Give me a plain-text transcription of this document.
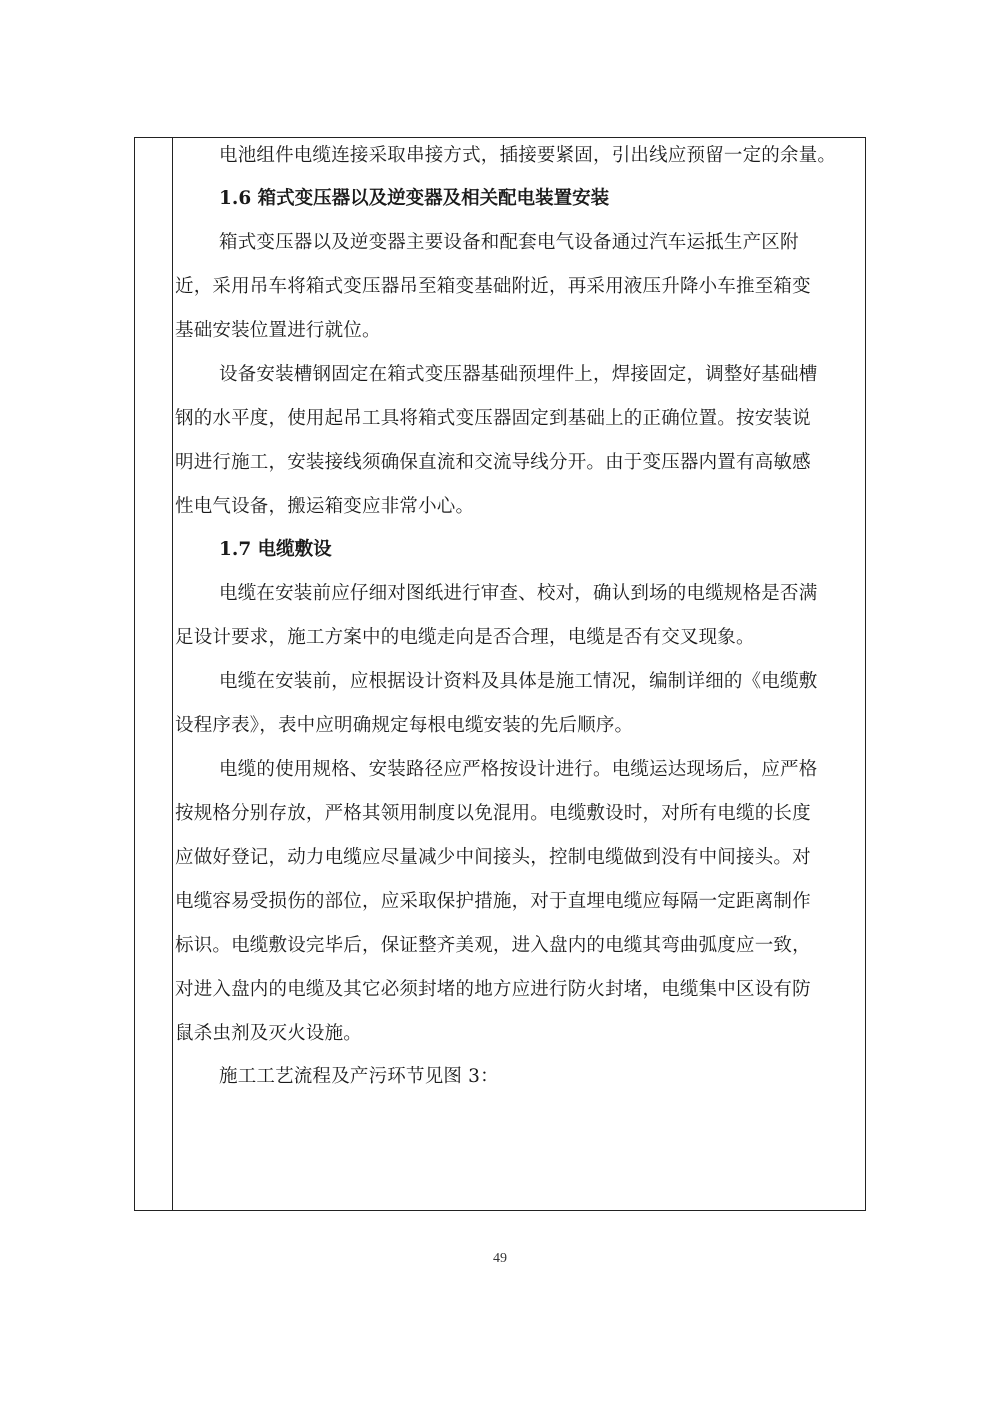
电池组件电缆连接采取串接方式，插接要紧固，引出线应预留一定的余量。
1.6 箱式变压器以及逆变器及相关配电装置安装
箱式变压器以及逆变器主要设备和配套电气设备通过汽车运抵生产区附
近，采用吊车将箱式变压器吊至箱变基础附近，再采用液压升降小车推至箱变
基础安装位置进行就位。
设备安装槽钢固定在箱式变压器基础预埋件上，焊接固定，调整好基础槽
钢的水平度，使用起吊工具将箱式变压器固定到基础上的正确位置。按安装说
明进行施工，安装接线须确保直流和交流导线分开。由于变压器内置有高敏感
性电气设备，搬运箱变应非常小心。
1.7 电缆敷设
电缆在安装前应仔细对图纸进行审查、校对，确认到场的电缆规格是否满
足设计要求，施工方案中的电缆走向是否合理，电缆是否有交叉现象。
电缆在安装前，应根据设计资料及具体是施工情况，编制详细的《电缆敷
设程序表》，表中应明确规定每根电缆安装的先后顺序。
电缆的使用规格、安装路径应严格按设计进行。电缆运达现场后，应严格
按规格分别存放，严格其领用制度以免混用。电缆敷设时，对所有电缆的长度
应做好登记，动力电缆应尽量减少中间接头，控制电缆做到没有中间接头。对
电缆容易受损伤的部位，应采取保护措施，对于直埋电缆应每隔一定距离制作
标识。电缆敷设完毕后，保证整齐美观，进入盘内的电缆其弯曲弧度应一致，
对进入盘内的电缆及其它必须封堵的地方应进行防火封堵，电缆集中区设有防
鼠杀虫剂及灭火设施。
施工工艺流程及产污环节见图 3：
49
